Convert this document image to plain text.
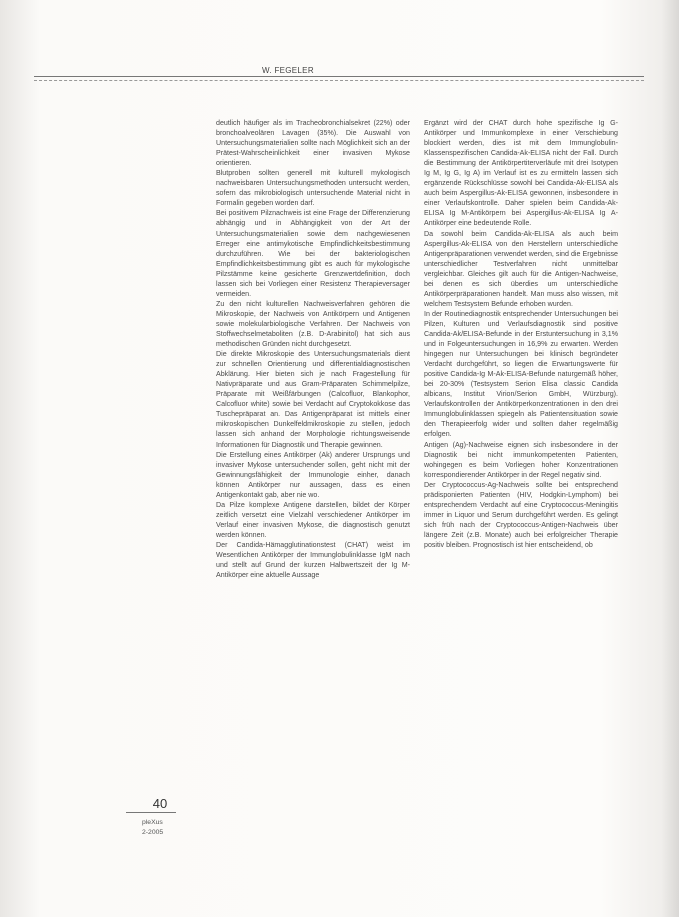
W. FEGELER

deutlich häufiger als im Tracheobronchialsekret (22%) oder bronchoalveolären Lavagen (35%). Die Auswahl von Untersuchungsmaterialien sollte nach Möglichkeit sich an der Prätest-Wahrscheinlichkeit einer invasiven Mykose orientieren.

Blutproben sollten generell mit kulturell mykologisch nachweisbaren Untersuchungsmethoden untersucht werden, sofern das mikrobiologisch untersuchende Material nicht in Formalin gegeben worden darf.

Bei positivem Pilznachweis ist eine Frage der Differenzierung abhängig und in Abhängigkeit von der Art der Untersuchungsmaterialien sowie dem nachgewiesenen Erreger eine antimykotische Empfindlichkeitsbestimmung durchzuführen. Wie bei der bakteriologischen Empfindlichkeitsbestimmung gibt es auch für mykologische Pilzstämme keine gesicherte Grenzwertdefinition, doch lassen sich bei Vorliegen einer Resistenz Therapieversager vermeiden.

Zu den nicht kulturellen Nachweisverfahren gehören die Mikroskopie, der Nachweis von Antikörpern und Antigenen sowie molekularbiologische Verfahren. Der Nachweis von Stoffwechselmetaboliten (z.B. D-Arabinitol) hat sich aus methodischen Gründen nicht durchgesetzt.

Die direkte Mikroskopie des Untersuchungsmaterials dient zur schnellen Orientierung und differentialdiagnostischen Abklärung. Hier bieten sich je nach Fragestellung für Nativpräparate und aus Gram-Präparaten Schimmelpilze, Präparate mit Weißfärbungen (Calcofluor, Blankophor, Calcofluor white) sowie bei Verdacht auf Cryptokokkose das Tuschepräparat an. Das Antigenpräparat ist mittels einer mikroskopischen Dunkelfeldmikroskopie zu stellen, jedoch lassen sich anhand der Morphologie richtungsweisende Informationen für Diagnostik und Therapie gewinnen.

Die Erstellung eines Antikörper (Ak) anderer Ursprungs und invasiver Mykose untersuchender sollen, geht nicht mit der Gewinnungsfähigkeit der Immunologie einher, danach können Antikörper nur aussagen, dass es einen Antigenkontakt gab, aber nie wo.

Da Pilze komplexe Antigene darstellen, bildet der Körper zeitlich versetzt eine Vielzahl verschiedener Antikörper im Verlauf einer invasiven Mykose, die diagnostisch genutzt werden können.

Der Candida-Hämagglutinationstest (CHAT) weist im Wesentlichen Antikörper der Immunglobulinklasse IgM nach und stellt auf Grund der kurzen Halbwertszeit der Ig M-Antikörper eine aktuelle Aussage

Ergänzt wird der CHAT durch hohe spezifische Ig G-Antikörper und Immunkomplexe in einer Verschiebung blockiert werden, dies ist mit dem Immunglobulin-Klassenspezifischen Candida-Ak-ELISA nicht der Fall. Durch die Bestimmung der Antikörpertiterverläufe mit drei Isotypen Ig M, Ig G, Ig A) im Verlauf ist es zu ermitteln lassen sich ergänzende Rückschlüsse sowohl bei Candida-Ak-ELISA als auch beim Aspergillus-Ak-ELISA gewonnen, insbesondere in einer Verlaufskontrolle. Daher spielen beim Candida-Ak-ELISA Ig M-Antikörpern bei Aspergillus-Ak-ELISA Ig A-Antikörper eine bedeutende Rolle.

Da sowohl beim Candida-Ak-ELISA als auch beim Aspergillus-Ak-ELISA von den Herstellern unterschiedliche Antigenpräparationen verwendet werden, sind die Ergebnisse unterschiedlicher Testverfahren nicht unmittelbar vergleichbar. Gleiches gilt auch für die Antigen-Nachweise, bei denen es sich überdies um unterschiedliche Antikörperpräparationen handelt. Man muss also wissen, mit welchem Testsystem Befunde erhoben wurden.

In der Routinediagnostik entsprechender Untersuchungen bei Pilzen, Kulturen und Verlaufsdiagnostik sind positive Candida-Ak/ELISA-Befunde in der Erstuntersuchung in 3,1% und in Folgeuntersuchungen in 16,9% zu erwarten. Werden hingegen nur Untersuchungen bei klinisch begründeter Verdacht durchgeführt, so liegen die Erwartungswerte für positive Candida-Ig M-Ak-ELISA-Befunde naturgemäß höher, bei 20-30% (Testsystem Serion Elisa classic Candida albicans, Institut Virion/Serion GmbH, Würzburg). Verlaufskontrollen der Antikörperkonzentrationen in den drei Immunglobulinklassen spiegeln als Patientensituation sowie den Therapieerfolg wider und sollten daher regelmäßig erfolgen.

Antigen (Ag)-Nachweise eignen sich insbesondere in der Diagnostik bei nicht immunkompetenten Patienten, wohingegen es beim Vorliegen hoher Konzentrationen korrespondierender Antikörper in der Regel negativ sind.

Der Cryptococcus-Ag-Nachweis sollte bei entsprechend prädisponierten Patienten (HIV, Hodgkin-Lymphom) bei entsprechendem Verdacht auf eine Cryptococcus-Meningitis immer in Liquor und Serum durchgeführt werden. Es gelingt sich früh nach der Cryptococcus-Antigen-Nachweis über längere Zeit (z.B. Monate) auch bei erfolgreicher Therapie positiv bleiben. Prognostisch ist hier entscheidend, ob

40
pleXus
2-2005
